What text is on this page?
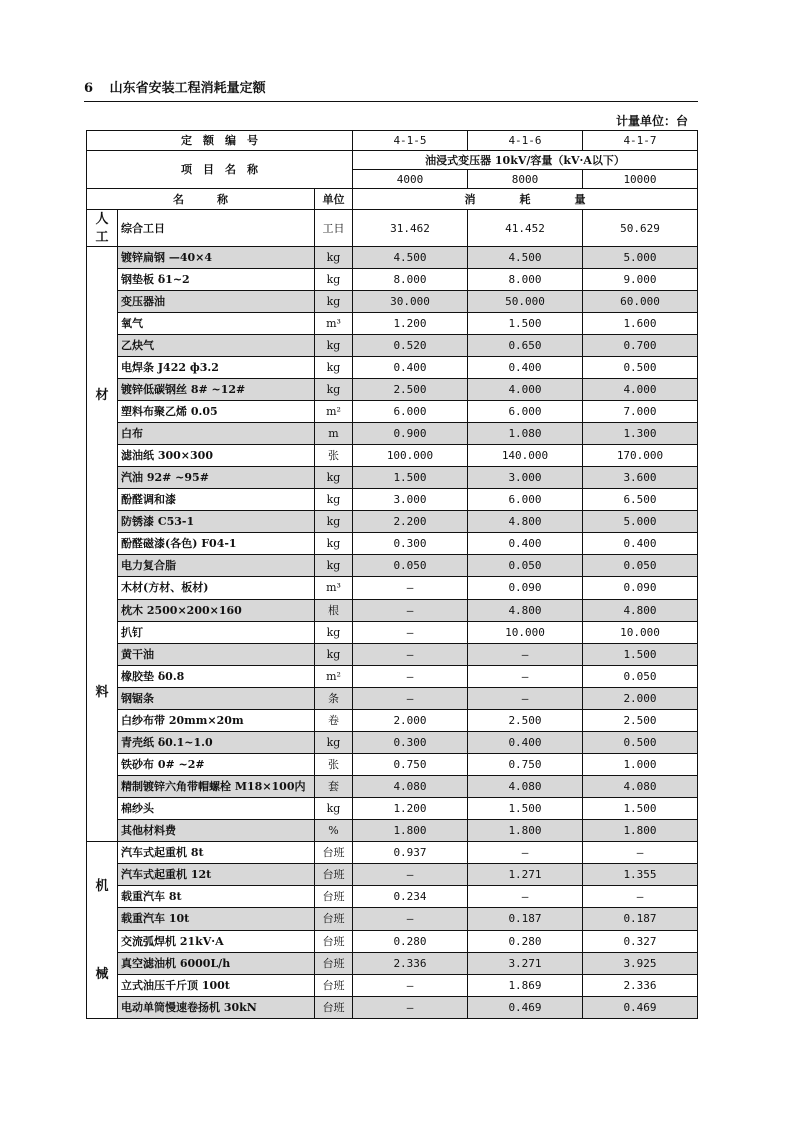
6 山东省安装工程消耗量定额
计量单位：台
定　额　编　号			4-1-5	4-1-6	4-1-7
项　目　名　称			油浸式变压器 10kV/容量（kV·A以下）		
			4000	8000	10000
名　　　称		单位	消　　　　耗　　　　量		

人
工	综合工日	工日	31.462	41.452	50.629

材
料	镀锌扁钢 —40×4	kg	4.500	4.500	5.000
	钢垫板 δ1~2	kg	8.000	8.000	9.000
	变压器油	kg	30.000	50.000	60.000
	氧气	m³	1.200	1.500	1.600
	乙炔气	kg	0.520	0.650	0.700
	电焊条 J422 ф3.2	kg	0.400	0.400	0.500
	镀锌低碳钢丝 8# ~12#	kg	2.500	4.000	4.000
	塑料布聚乙烯 0.05	m²	6.000	6.000	7.000
	白布	m	0.900	1.080	1.300
	滤油纸 300×300	张	100.000	140.000	170.000
	汽油 92# ~95#	kg	1.500	3.000	3.600
	酚醛调和漆	kg	3.000	6.000	6.500
	防锈漆 C53-1	kg	2.200	4.800	5.000
	酚醛磁漆(各色) F04-1	kg	0.300	0.400	0.400
	电力复合脂	kg	0.050	0.050	0.050
	木材(方材、板材)	m³	—	0.090	0.090
	枕木 2500×200×160	根	—	4.800	4.800
	扒钉	kg	—	10.000	10.000
	黄干油	kg	—	—	1.500
	橡胶垫 δ0.8	m²	—	—	0.050
	钢锯条	条	—	—	2.000
	白纱布带 20mm×20m	卷	2.000	2.500	2.500
	青壳纸 δ0.1~1.0	kg	0.300	0.400	0.500
	铁砂布 0# ~2#	张	0.750	0.750	1.000
	精制镀锌六角带帽螺栓 M18×100内	套	4.080	4.080	4.080
	棉纱头	kg	1.200	1.500	1.500
	其他材料费	%	1.800	1.800	1.800

机
械	汽车式起重机 8t	台班	0.937	—	—
	汽车式起重机 12t	台班	—	1.271	1.355
	载重汽车 8t	台班	0.234	—	—
	载重汽车 10t	台班	—	0.187	0.187
	交流弧焊机 21kV·A	台班	0.280	0.280	0.327
	真空滤油机 6000L/h	台班	2.336	3.271	3.925
	立式油压千斤顶 100t	台班	—	1.869	2.336
	电动单筒慢速卷扬机 30kN	台班	—	0.469	0.469
